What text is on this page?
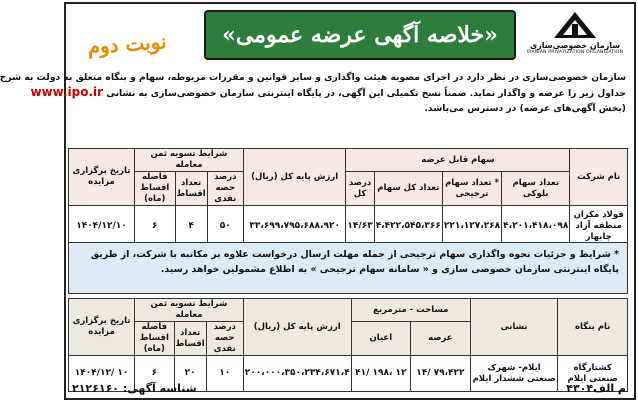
سازمان خصوصی‌سازی
IRANIAN PRIVATIZATION ORGANIZATION
«خلاصه آگهی عرضه عمومی»
نوبت دوم
سازمان خصوصی‌سازی در نظر دارد در اجرای مصوبه هیئت واگذاری و سایر قوانین و مقررات مربوطه، سهام و بنگاه متعلق به دولت به شرح
جداول زیر را عرضه و واگذار نماید. ضمناً نسخ تکمیلی این آگهی، در پایگاه اینترنتی سازمان خصوصی‌سازی به نشانی www.ipo.ir
(بخش آگهی‌های عرضه) در دسترس می‌باشد.
نام شرکت	سهام قابل عرضه				ارزش پایه کل (ریال)	شرایط تسویه ثمن معامله			تاریخ برگزاری مزایده
	تعداد سهام بلوکی	* تعداد سهام ترجیحی	تعداد کل سهام	درصد کل		درصد حصه نقدی	تعداد اقساط	فاصله اقساط (ماه)	
فولاد مکران منطقه آزاد چابهار	۴،۲۰۱،۴۱۸،۰۹۸	۲۲۱،۱۲۷،۲۶۸	۴،۴۲۲،۵۴۵،۳۶۶	۱۴/۶۳	۳۳،۶۹۹،۷۹۵،۶۸۸،۹۲۰	۵۰	۴	۶	۱۴۰۴/۱۲/۱۰
* شرایط و جزئیات نحوه واگذاری سهام ترجیحی از جمله مهلت ارسال درخواست علاوه بر مکاتبه با شرکت، از طریق
پایگاه اینترنتی سازمان خصوصی سازی و « سامانه سهام ترجیحی » به اطلاع مشمولین خواهد رسید.
نام بنگاه	نشانی	مساحت - مترمربع		ارزش پایه کل (ریال)	شرایط تسویه ثمن معامله			تاریخ برگزاری مزایده
		عرصه	اعیان		درصد حصه نقدی	تعداد اقساط	فاصله اقساط (ماه)	
کشتارگاه صنعتی ایلام	ایلام- شهرک صنعتی ششدار ایلام	۱۴/ ۷۹،۴۲۲	۴۱/ ۱۹۸، ۱۲	۲۰۰،۰۰۰،۳۵۰،۲۳۴،۶۷۱،۴	۱۰	۲۰	۶	۱۴۰۴/۱۲/ ۱۰
شناسه آگهی: ۲۱۲۶۱۶۰	م الف۴۳۰۴
